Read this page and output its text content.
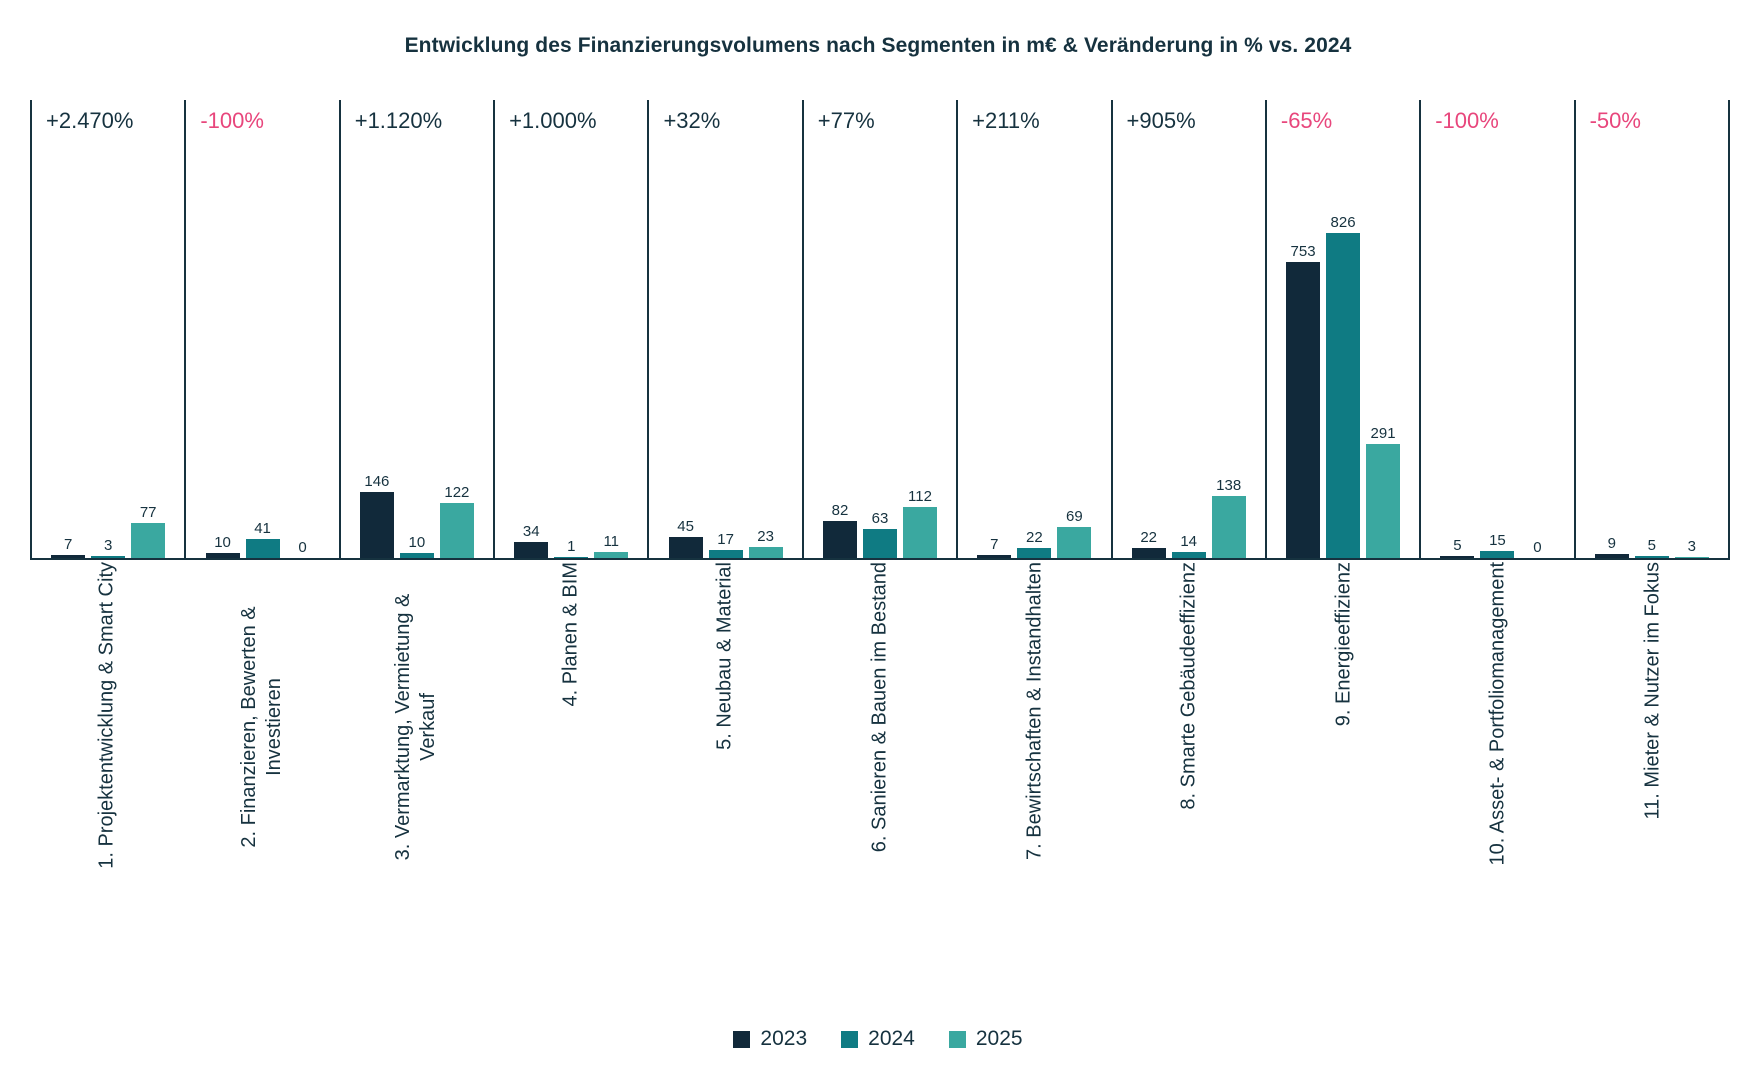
Entwicklung des Finanzierungsvolumens nach Segmenten in m€ & Veränderung in % vs. 2024
+2.470%
7 3
77
-100%
10
41
0
+1.120%
146
10
122
+1.000%
34
1 11
+32%
45
17 23
+77%
82 63
112
+211%
7 22
69
+905%
22 14
138
-65%
753
826
291
-100%
5 15 0
-50%
9 5 3
1. Projektentwicklung & Smart City	2. Finanzieren, Bewerten & Investieren	3. Vermarktung, Vermietung & Verkauf
4. Planen & BIM	5. Neubau & Material	6. Sanieren & Bauen im Bestand	7. Bewirtschaften & Instandhalten	8. Smarte Gebäudeeffizienz	9. Energieeffizienz	10. Asset- & Portfoliomanagement	11. Mieter & Nutzer im Fokus
2023	2024	2025
